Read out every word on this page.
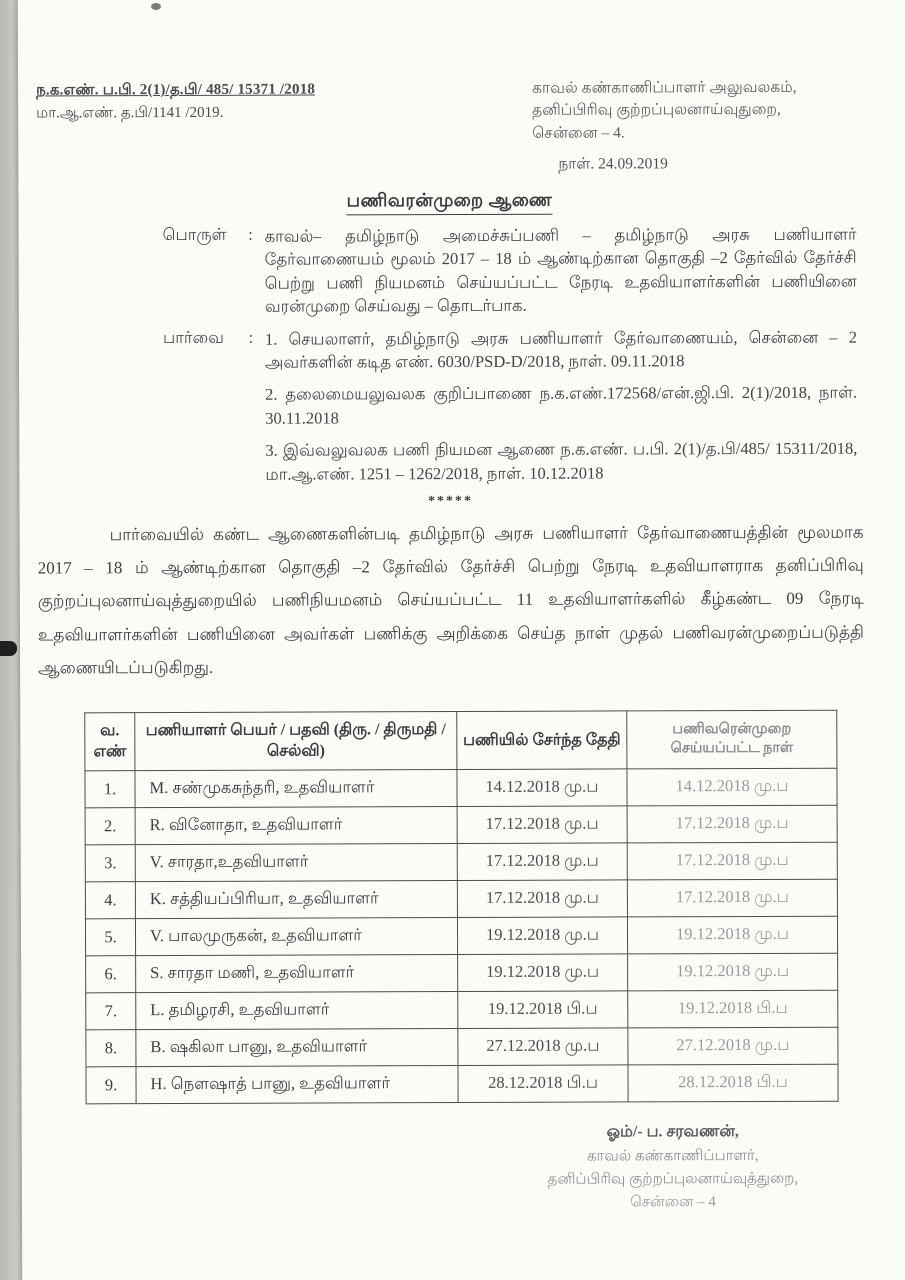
ந.க.எண். ப.பி. 2(1)/த.பி/ 485/ 15371 /2018
மா.ஆ.எண். த.பி/1141 /2019.
காவல் கண்காணிப்பாளர் அலுவலகம்,
தனிப்பிரிவு குற்றப்புலனாய்வுதுறை,
சென்னை – 4.
நாள். 24.09.2019
பணிவரன்முறை ஆணை
பொருள்	: காவல்– தமிழ்நாடு அமைச்சுப்பணி – தமிழ்நாடு அரசு பணியாளர் தேர்வாணையம் மூலம் 2017 – 18 ம் ஆண்டிற்கான தொகுதி –2 தேர்வில் தேர்ச்சி பெற்று பணி நியமனம் செய்யப்பட்ட நேரடி உதவியாளர்களின் பணியினை வரன்முறை செய்வது – தொடர்பாக.
பார்வை	: 1. செயலாளர், தமிழ்நாடு அரசு பணியாளர் தேர்வாணையம், சென்னை – 2 அவர்களின் கடித எண். 6030/PSD-D/2018, நாள். 09.11.2018
2. தலைமையலுவலக குறிப்பாணை ந.க.எண்.172568/என்.ஜி.பி. 2(1)/2018, நாள். 30.11.2018
3. இவ்வலுவலக பணி நியமன ஆணை ந.க.எண். ப.பி. 2(1)/த.பி/485/ 15311/2018, மா.ஆ.எண். 1251 – 1262/2018, நாள். 10.12.2018
*****

பார்வையில் கண்ட ஆணைகளின்படி தமிழ்நாடு அரசு பணியாளர் தேர்வாணையத்தின் மூலமாக 2017 – 18 ம் ஆண்டிற்கான தொகுதி –2 தேர்வில் தேர்ச்சி பெற்று நேரடி உதவியாளராக தனிப்பிரிவு குற்றப்புலனாய்வுத்துறையில் பணிநியமனம் செய்யப்பட்ட 11 உதவியாளர்களில் கீழ்கண்ட 09 நேரடி உதவியாளர்களின் பணியினை அவர்கள் பணிக்கு அறிக்கை செய்த நாள் முதல் பணிவரன்முறைப்படுத்தி ஆணையிடப்படுகிறது.

வ. எண்	பணியாளர் பெயர் / பதவி (திரு. / திருமதி / செல்வி)	பணியில் சேர்ந்த தேதி	பணிவரென்முறை செய்யப்பட்ட நாள்
1.	M. சண்முகசுந்தரி, உதவியாளர்	14.12.2018 மு.ப	14.12.2018 மு.ப
2.	R. வினோதா, உதவியாளர்	17.12.2018 மு.ப	17.12.2018 மு.ப
3.	V. சாரதா,உதவியாளர்	17.12.2018 மு.ப	17.12.2018 மு.ப
4.	K. சத்தியப்பிரியா, உதவியாளர்	17.12.2018 மு.ப	17.12.2018 மு.ப
5.	V. பாலமுருகன், உதவியாளர்	19.12.2018 மு.ப	19.12.2018 மு.ப
6.	S. சாரதா மணி, உதவியாளர்	19.12.2018 மு.ப	19.12.2018 மு.ப
7.	L. தமிழரசி, உதவியாளர்	19.12.2018 பி.ப	19.12.2018 பி.ப
8.	B. ஷகிலா பானு, உதவியாளர்	27.12.2018 மு.ப	27.12.2018 மு.ப
9.	H. நௌஷாத் பானு, உதவியாளர்	28.12.2018 பி.ப	28.12.2018 பி.ப
ஓம்/- ப. சரவணன்,
காவல் கண்காணிப்பாளர்,
தனிப்பிரிவு குற்றப்புலனாய்வுத்துறை,
சென்னை – 4
